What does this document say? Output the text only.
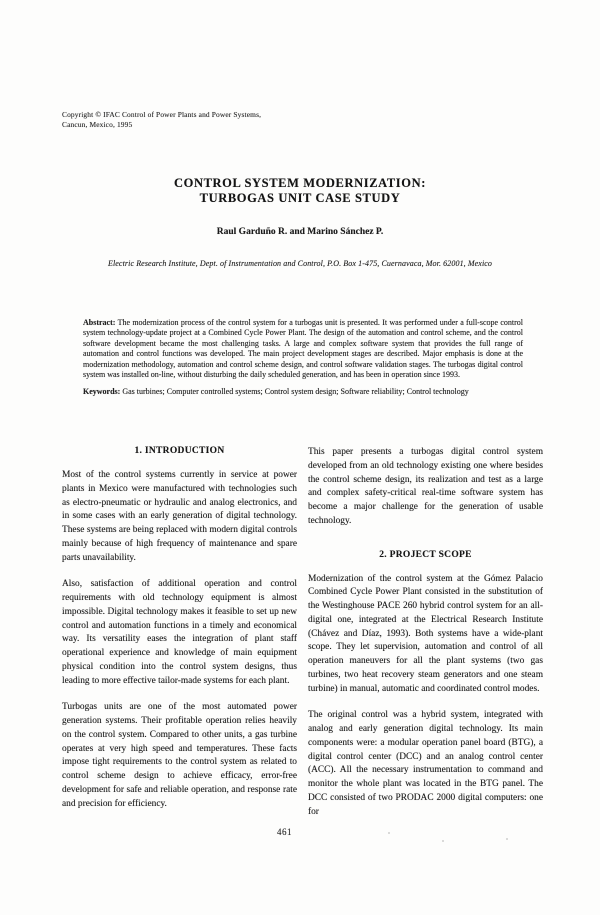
Copyright © IFAC Control of Power Plants and Power Systems,
Cancun, Mexico, 1995
CONTROL SYSTEM MODERNIZATION:
TURBOGAS UNIT CASE STUDY
Raul Garduño R. and Marino Sánchez P.
Electric Research Institute, Dept. of Instrumentation and Control, P.O. Box 1-475, Cuernavaca, Mor. 62001, Mexico
Abstract: The modernization process of the control system for a turbogas unit is presented. It was performed under a full-scope control system technology-update project at a Combined Cycle Power Plant. The design of the automation and control scheme, and the control software development became the most challenging tasks. A large and complex software system that provides the full range of automation and control functions was developed. The main project development stages are described. Major emphasis is done at the modernization methodology, automation and control scheme design, and control software validation stages. The turbogas digital control system was installed on-line, without disturbing the daily scheduled generation, and has been in operation since 1993.
Keywords: Gas turbines; Computer controlled systems; Control system design; Software reliability; Control technology
1. INTRODUCTION

Most of the control systems currently in service at power plants in Mexico were manufactured with technologies such as electro-pneumatic or hydraulic and analog electronics, and in some cases with an early generation of digital technology. These systems are being replaced with modern digital controls mainly because of high frequency of maintenance and spare parts unavailability.

Also, satisfaction of additional operation and control requirements with old technology equipment is almost impossible. Digital technology makes it feasible to set up new control and automation functions in a timely and economical way. Its versatility eases the integration of plant staff operational experience and knowledge of main equipment physical condition into the control system designs, thus leading to more effective tailor-made systems for each plant.

Turbogas units are one of the most automated power generation systems. Their profitable operation relies heavily on the control system. Compared to other units, a gas turbine operates at very high speed and temperatures. These facts impose tight requirements to the control system as related to control scheme design to achieve efficacy, error-free development for safe and reliable operation, and response rate and precision for efficiency.

This paper presents a turbogas digital control system developed from an old technology existing one where besides the control scheme design, its realization and test as a large and complex safety-critical real-time software system has become a major challenge for the generation of usable technology.

2. PROJECT SCOPE

Modernization of the control system at the Gómez Palacio Combined Cycle Power Plant consisted in the substitution of the Westinghouse PACE 260 hybrid control system for an all-digital one, integrated at the Electrical Research Institute (Chávez and Díaz, 1993). Both systems have a wide-plant scope. They let supervision, automation and control of all operation maneuvers for all the plant systems (two gas turbines, two heat recovery steam generators and one steam turbine) in manual, automatic and coordinated control modes.

The original control was a hybrid system, integrated with analog and early generation digital technology. Its main components were: a modular operation panel board (BTG), a digital control center (DCC) and an analog control center (ACC). All the necessary instrumentation to command and monitor the whole plant was located in the BTG panel. The DCC consisted of two PRODAC 2000 digital computers: one for

461
